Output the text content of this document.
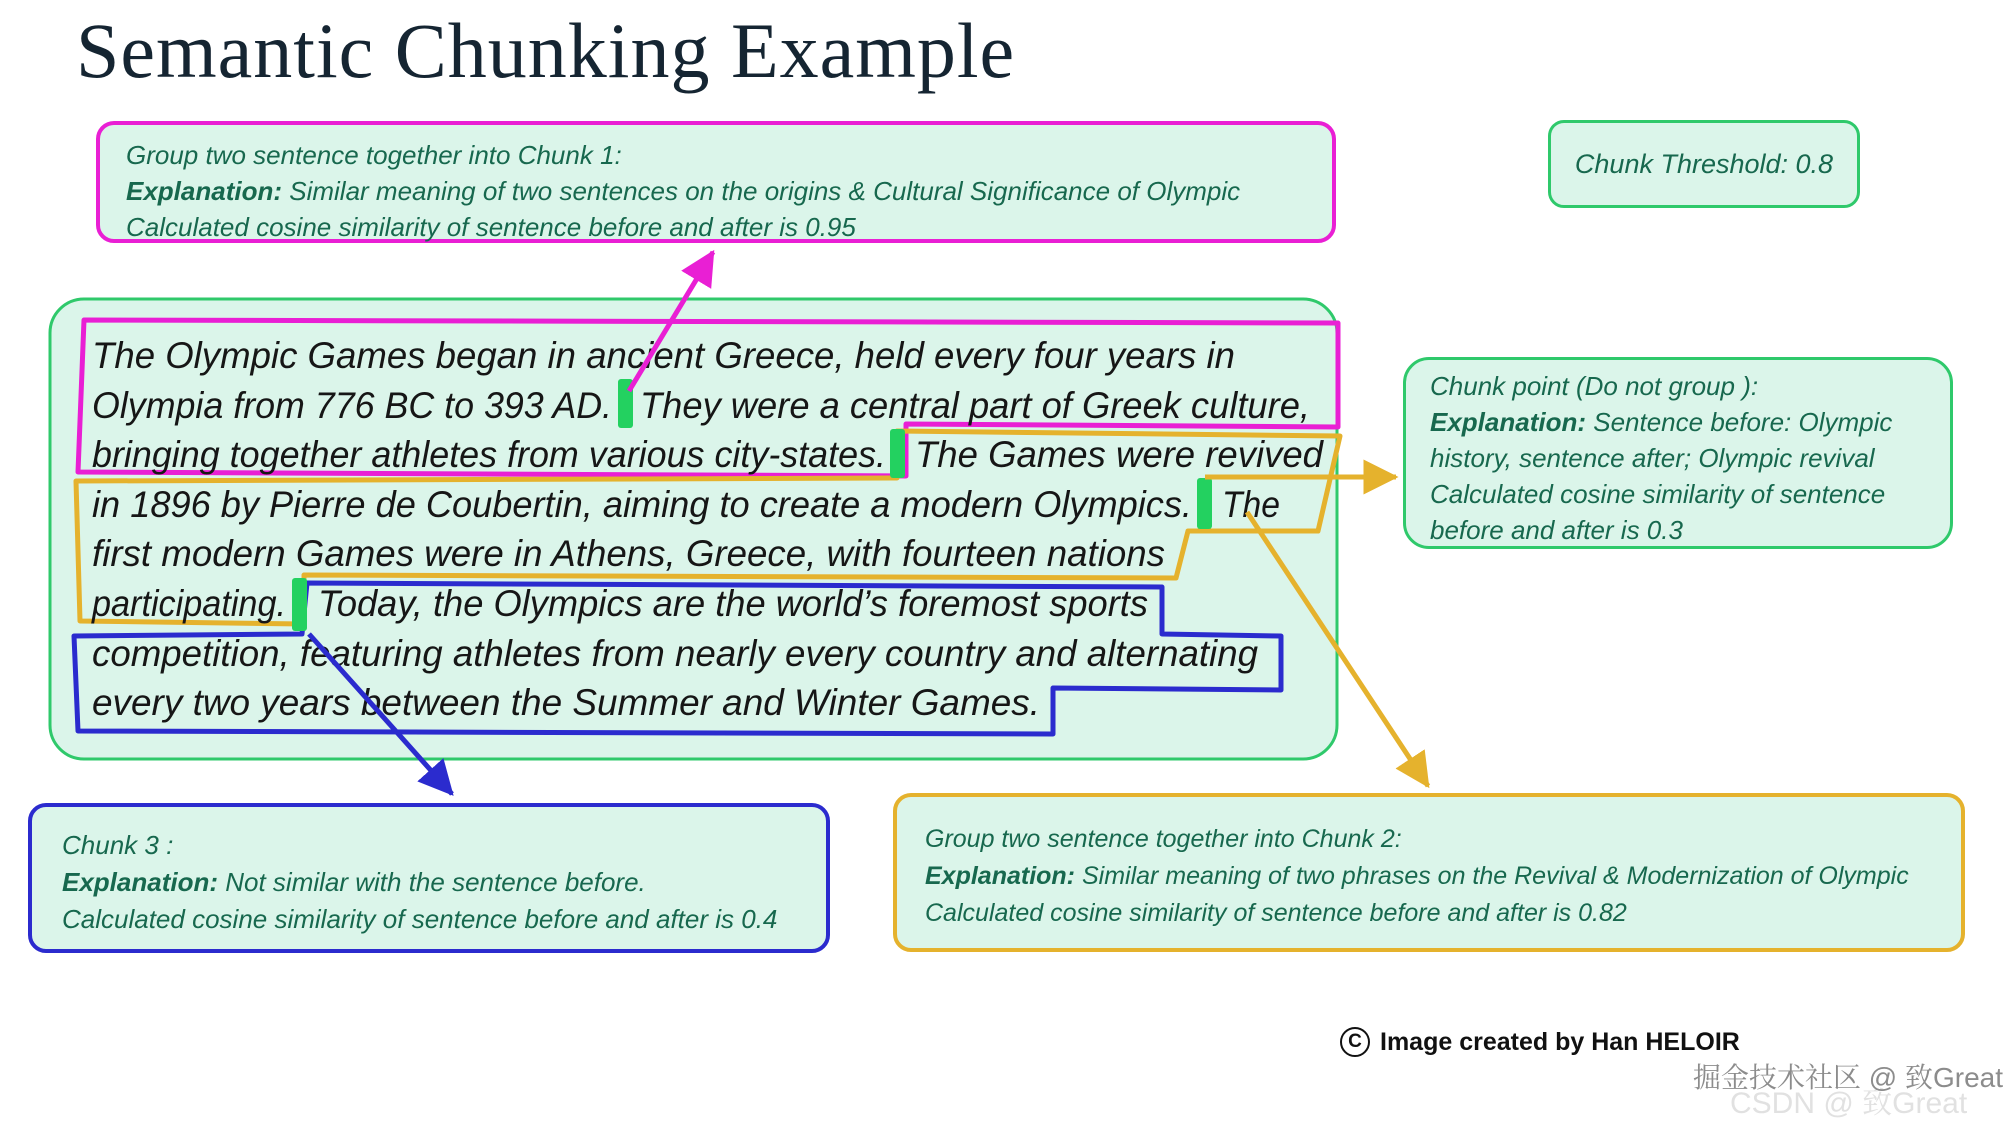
Semantic Chunking Example
The Olympic Games began in ancient Greece, held every four years in
Olympia from 776 BC to 393 AD. They were a central part of Greek culture,
bringing together athletes from various city-states. The Games were revived
in 1896 by Pierre de Coubertin, aiming to create a modern Olympics. The
first modern Games were in Athens, Greece, with fourteen nations
participating. Today, the Olympics are the world’s foremost sports
competition, featuring athletes from nearly every country and alternating
every two years between the Summer and Winter Games.
Group two sentence together into Chunk 1:
Explanation: Similar meaning of two sentences on the origins & Cultural Significance of Olympic
Calculated cosine similarity of sentence before and after is 0.95
Chunk Threshold: 0.8
Chunk point (Do not group ):
Explanation: Sentence before: Olympic history, sentence after; Olympic revival
Calculated cosine similarity of sentence before and after is 0.3
Chunk 3 :
Explanation: Not similar with the sentence before.
Calculated cosine similarity of sentence before and after is 0.4
Group two sentence together into Chunk 2:
Explanation: Similar meaning of two phrases on the Revival & Modernization of Olympic
Calculated cosine similarity of sentence before and after is 0.82
C Image created by Han HELOIR
CSDN @ 致Great
掘金技术社区 @ 致Great
